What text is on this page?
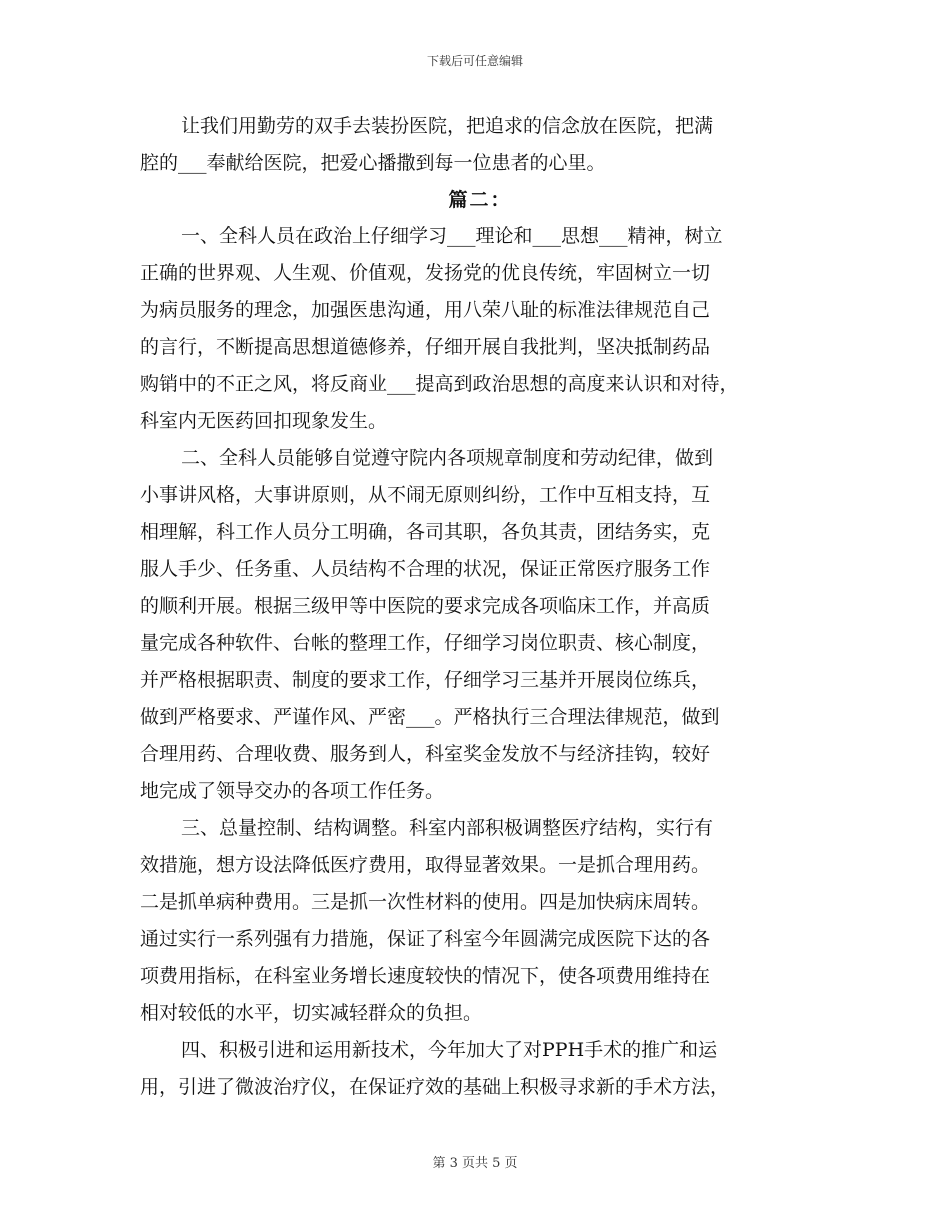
下载后可任意编辑
让我们用勤劳的双手去装扮医院，把追求的信念放在医院，把满
腔的___奉献给医院，把爱心播撒到每一位患者的心里。
篇二：
一、全科人员在政治上仔细学习___理论和___思想___精神，树立
正确的世界观、人生观、价值观，发扬党的优良传统，牢固树立一切
为病员服务的理念，加强医患沟通，用八荣八耻的标准法律规范自己
的言行，不断提高思想道德修养，仔细开展自我批判，坚决抵制药品
购销中的不正之风，将反商业___提高到政治思想的高度来认识和对待，
科室内无医药回扣现象发生。
二、全科人员能够自觉遵守院内各项规章制度和劳动纪律，做到
小事讲风格，大事讲原则，从不闹无原则纠纷，工作中互相支持，互
相理解，科工作人员分工明确，各司其职，各负其责，团结务实，克
服人手少、任务重、人员结构不合理的状况，保证正常医疗服务工作
的顺利开展。根据三级甲等中医院的要求完成各项临床工作，并高质
量完成各种软件、台帐的整理工作，仔细学习岗位职责、核心制度，
并严格根据职责、制度的要求工作，仔细学习三基并开展岗位练兵，
做到严格要求、严谨作风、严密___。严格执行三合理法律规范，做到
合理用药、合理收费、服务到人，科室奖金发放不与经济挂钩，较好
地完成了领导交办的各项工作任务。
三、总量控制、结构调整。科室内部积极调整医疗结构，实行有
效措施，想方设法降低医疗费用，取得显著效果。一是抓合理用药。
二是抓单病种费用。三是抓一次性材料的使用。四是加快病床周转。
通过实行一系列强有力措施，保证了科室今年圆满完成医院下达的各
项费用指标，在科室业务增长速度较快的情况下，使各项费用维持在
相对较低的水平，切实减轻群众的负担。
四、积极引进和运用新技术，今年加大了对PPH手术的推广和运
用，引进了微波治疗仪，在保证疗效的基础上积极寻求新的手术方法，
第 3 页共 5 页
